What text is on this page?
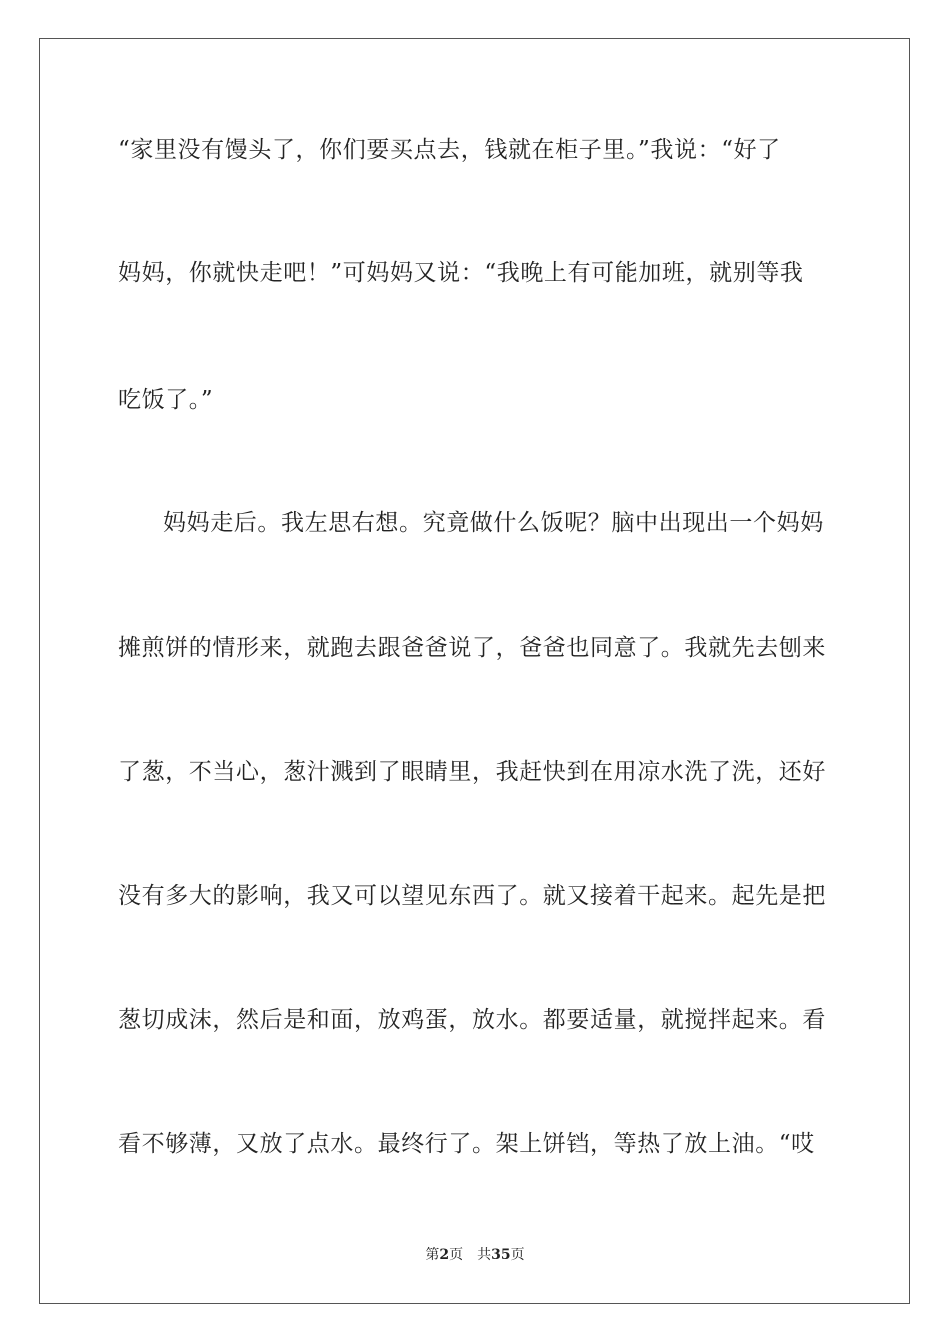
“家里没有馒头了，你们要买点去，钱就在柜子里。”我说：“好了
妈妈，你就快走吧！”可妈妈又说：“我晚上有可能加班，就别等我
吃饭了。”
妈妈走后。我左思右想。究竟做什么饭呢？脑中出现出一个妈妈
摊煎饼的情形来，就跑去跟爸爸说了，爸爸也同意了。我就先去刨来
了葱，不当心，葱汁溅到了眼睛里，我赶快到在用凉水洗了洗，还好
没有多大的影响，我又可以望见东西了。就又接着干起来。起先是把
葱切成沫，然后是和面，放鸡蛋，放水。都要适量，就搅拌起来。看
看不够薄，又放了点水。最终行了。架上饼铛，等热了放上油。“哎
第2页 共35页
